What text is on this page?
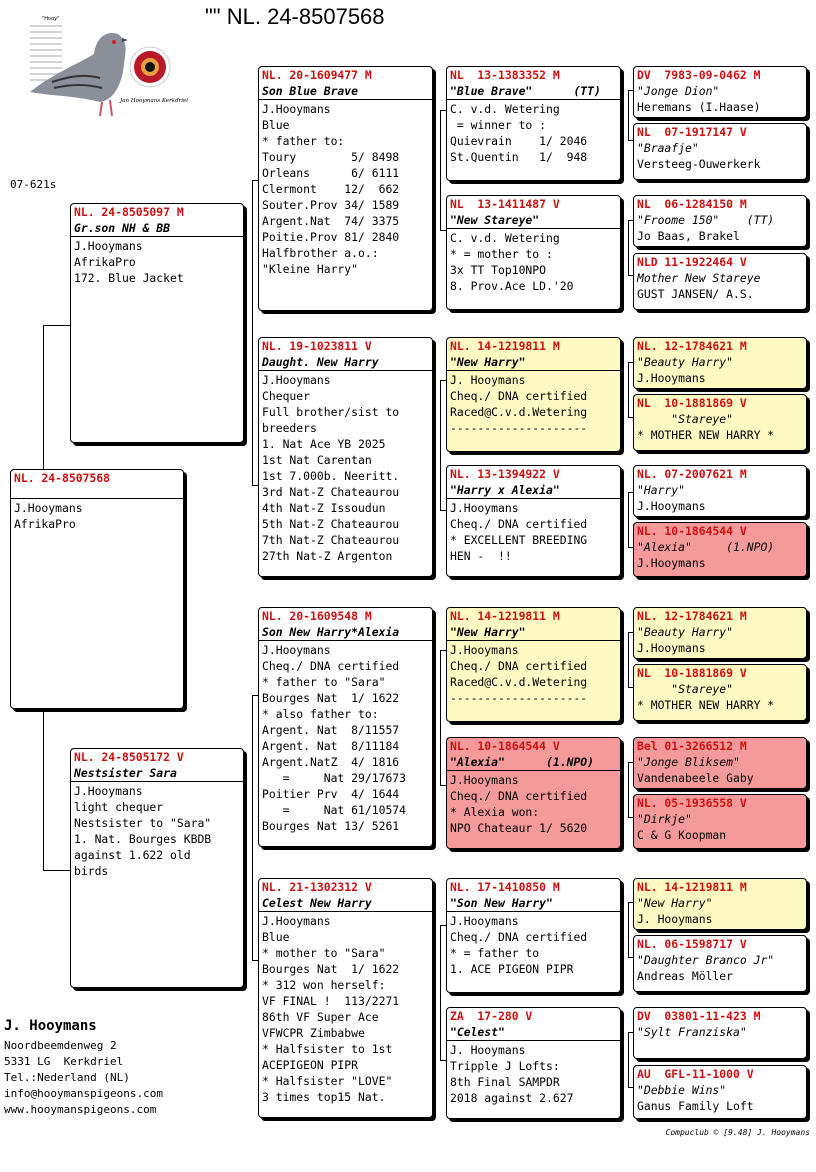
"" NL. 24-8507568
"Hooy"
Jan Hooymans Kerkdriel
07-621s
NL. 24-8507568
J.Hooymans
AfrikaPro
NL. 24-8505097 M
Gr.son NH & BB
J.Hooymans
AfrikaPro
172. Blue Jacket
NL. 24-8505172 V
Nestsister Sara
J.Hooymans
light chequer
Nestsister to "Sara"
1. Nat. Bourges KBDB
against 1.622 old
birds
NL. 20-1609477 M
Son Blue Brave
J.Hooymans
Blue
* father to:
Toury        5/ 8498
Orleans      6/ 6111
Clermont    12/  662
Souter.Prov 34/ 1589
Argent.Nat  74/ 3375
Poitie.Prov 81/ 2840
Halfbrother a.o.:
"Kleine Harry"
NL. 19-1023811 V
Daught. New Harry
J.Hooymans
Chequer
Full brother/sist to
breeders
1. Nat Ace YB 2025
1st Nat Carentan
1st 7.000b. Neeritt.
3rd Nat-Z Chateaurou
4th Nat-Z Issoudun
5th Nat-Z Chateaurou
7th Nat-Z Chateaurou
27th Nat-Z Argenton
NL. 20-1609548 M
Son New Harry*Alexia
J.Hooymans
Cheq./ DNA certified
* father to "Sara"
Bourges Nat  1/ 1622
* also father to:
Argent. Nat  8/11557
Argent. Nat  8/11184
Argent.NatZ  4/ 1816
=     Nat 29/17673
Poitier Prv  4/ 1644
=     Nat 61/10574
Bourges Nat 13/ 5261
NL. 21-1302312 V
Celest New Harry
J.Hooymans
Blue
* mother to "Sara"
Bourges Nat  1/ 1622
* 312 won herself:
VF FINAL !  113/2271
86th VF Super Ace
VFWCPR Zimbabwe
* Halfsister to 1st
ACEPIGEON PIPR
* Halfsister "LOVE"
3 times top15 Nat.
NL  13-1383352 M
"Blue Brave"      (TT)
C. v.d. Wetering
= winner to :
Quievrain    1/ 2046
St.Quentin   1/  948
NL  13-1411487 V
"New Stareye"
C. v.d. Wetering
* = mother to :
3x TT Top10NPO
8. Prov.Ace LD.'20
NL. 14-1219811 M
"New Harry"
J. Hooymans
Cheq./ DNA certified
Raced@C.v.d.Wetering
--------------------
NL. 13-1394922 V
"Harry x Alexia"
J.Hooymans
Cheq./ DNA certified
* EXCELLENT BREEDING
HEN -  !!
NL. 14-1219811 M
"New Harry"
J.Hooymans
Cheq./ DNA certified
Raced@C.v.d.Wetering
--------------------
NL. 10-1864544 V
"Alexia"      (1.NPO)
J.Hooymans
Cheq./ DNA certified
* Alexia won:
NPO Chateaur 1/ 5620
NL. 17-1410850 M
"Son New Harry"
J.Hooymans
Cheq./ DNA certified
* = father to
1. ACE PIGEON PIPR
ZA  17-280 V
"Celest"
J. Hooymans
Tripple J Lofts:
8th Final SAMPDR
2018 against 2.627
DV  7983-09-0462 M
"Jonge Dion"
Heremans (I.Haase)
NL  07-1917147 V
"Braafje"
Versteeg-Ouwerkerk
NL  06-1284150 M
"Froome 150"    (TT)
Jo Baas, Brakel
NLD 11-1922464 V
Mother New Stareye
GUST JANSEN/ A.S.
NL. 12-1784621 M
"Beauty Harry"
J.Hooymans
NL  10-1881869 V
"Stareye"
* MOTHER NEW HARRY *
NL. 07-2007621 M
"Harry"
J.Hooymans
NL. 10-1864544 V
"Alexia"     (1.NPO)
J.Hooymans
NL. 12-1784621 M
"Beauty Harry"
J.Hooymans
NL  10-1881869 V
"Stareye"
* MOTHER NEW HARRY *
Bel 01-3266512 M
"Jonge Bliksem"
Vandenabeele Gaby
NL. 05-1936558 V
"Dirkje"
C & G Koopman
NL. 14-1219811 M
"New Harry"
J. Hooymans
NL. 06-1598717 V
"Daughter Branco Jr"
Andreas Möller
DV  03801-11-423 M
"Sylt Franziska"
AU  GFL-11-1000 V
"Debbie Wins"
Ganus Family Loft
J. Hooymans
Noordbeemdenweg 2
5331 LG  Kerkdriel
Tel.:Nederland (NL)
info@hooymanspigeons.com
www.hooymanspigeons.com
Compuclub © [9.48] J. Hooymans
